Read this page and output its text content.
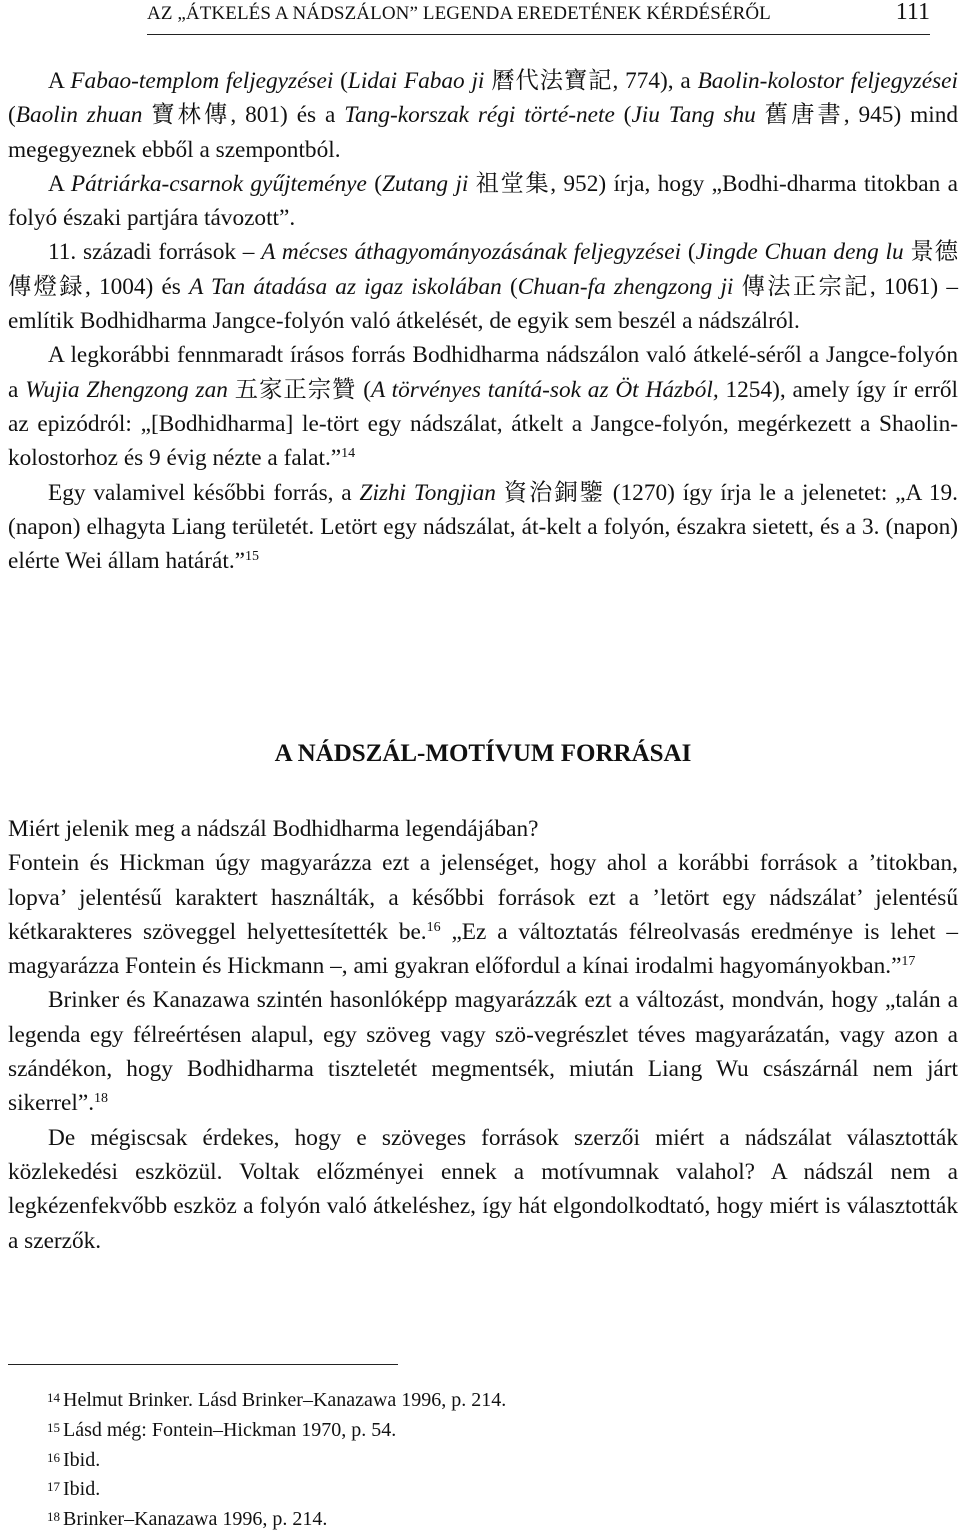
AZ „ÁTKELÉS A NÁDSZÁLON” LEGENDA EREDETÉNEK KÉRDÉSÉRŐL	111

A Fabao-templom feljegyzései (Lidai Fabao ji 曆代法寶記, 774), a Baolin-kolostor feljegyzései (Baolin zhuan 寶林傳, 801) és a Tang-korszak régi törté-nete (Jiu Tang shu 舊唐書, 945) mind megegyeznek ebből a szempontból.

A Pátriárka-csarnok gyűjteménye (Zutang ji 祖堂集, 952) írja, hogy „Bodhi-dharma titokban a folyó északi partjára távozott”.

11. századi források – A mécses áthagyományozásának feljegyzései (Jingde Chuan deng lu 景德傳燈録, 1004) és A Tan átadása az igaz iskolában (Chuan-fa zhengzong ji 傳法正宗記, 1061) – említik Bodhidharma Jangce-folyón való átkelését, de egyik sem beszél a nádszálról.

A legkorábbi fennmaradt írásos forrás Bodhidharma nádszálon való átkelé-séről a Jangce-folyón a Wujia Zhengzong zan 五家正宗贊 (A törvényes tanítá-sok az Öt Házból, 1254), amely így ír erről az epizódról: „[Bodhidharma] le-tört egy nádszálat, átkelt a Jangce-folyón, megérkezett a Shaolin-kolostorhoz és 9 évig nézte a falat.”$^{14}$

Egy valamivel későbbi forrás, a Zizhi Tongjian 資治銅鑒 (1270) így írja le a jelenetet: „A 19. (napon) elhagyta Liang területét. Letört egy nádszálat, át-kelt a folyón, északra sietett, és a 3. (napon) elérte Wei állam határát.”$^{15}$

A NÁDSZÁL-MOTÍVUM FORRÁSAI

Miért jelenik meg a nádszál Bodhidharma legendájában?

Fontein és Hickman úgy magyarázza ezt a jelenséget, hogy ahol a korábbi források a ’titokban, lopva’ jelentésű karaktert használták, a későbbi források ezt a ’letört egy nádszálat’ jelentésű kétkarakteres szöveggel helyettesítették be.$^{16}$ „Ez a változtatás félreolvasás eredménye is lehet – magyarázza Fontein és Hickmann –, ami gyakran előfordul a kínai irodalmi hagyományokban.”$^{17}$

Brinker és Kanazawa szintén hasonlóképp magyarázzák ezt a változást, mondván, hogy „talán a legenda egy félreértésen alapul, egy szöveg vagy szö-vegrészlet téves magyarázatán, vagy azon a szándékon, hogy Bodhidharma tiszteletét megmentsék, miután Liang Wu császárnál nem járt sikerrel”.$^{18}$

De mégiscsak érdekes, hogy e szöveges források szerzői miért a nádszálat választották közlekedési eszközül. Voltak előzményei ennek a motívumnak valahol? A nádszál nem a legkézenfekvőbb eszköz a folyón való átkeléshez, így hát elgondolkodtató, hogy miért is választották a szerzők.

$^{14}$ Helmut Brinker. Lásd Brinker–Kanazawa 1996, p. 214.
$^{15}$ Lásd még: Fontein–Hickman 1970, p. 54.
$^{16}$ Ibid.
$^{17}$ Ibid.
$^{18}$ Brinker–Kanazawa 1996, p. 214.
